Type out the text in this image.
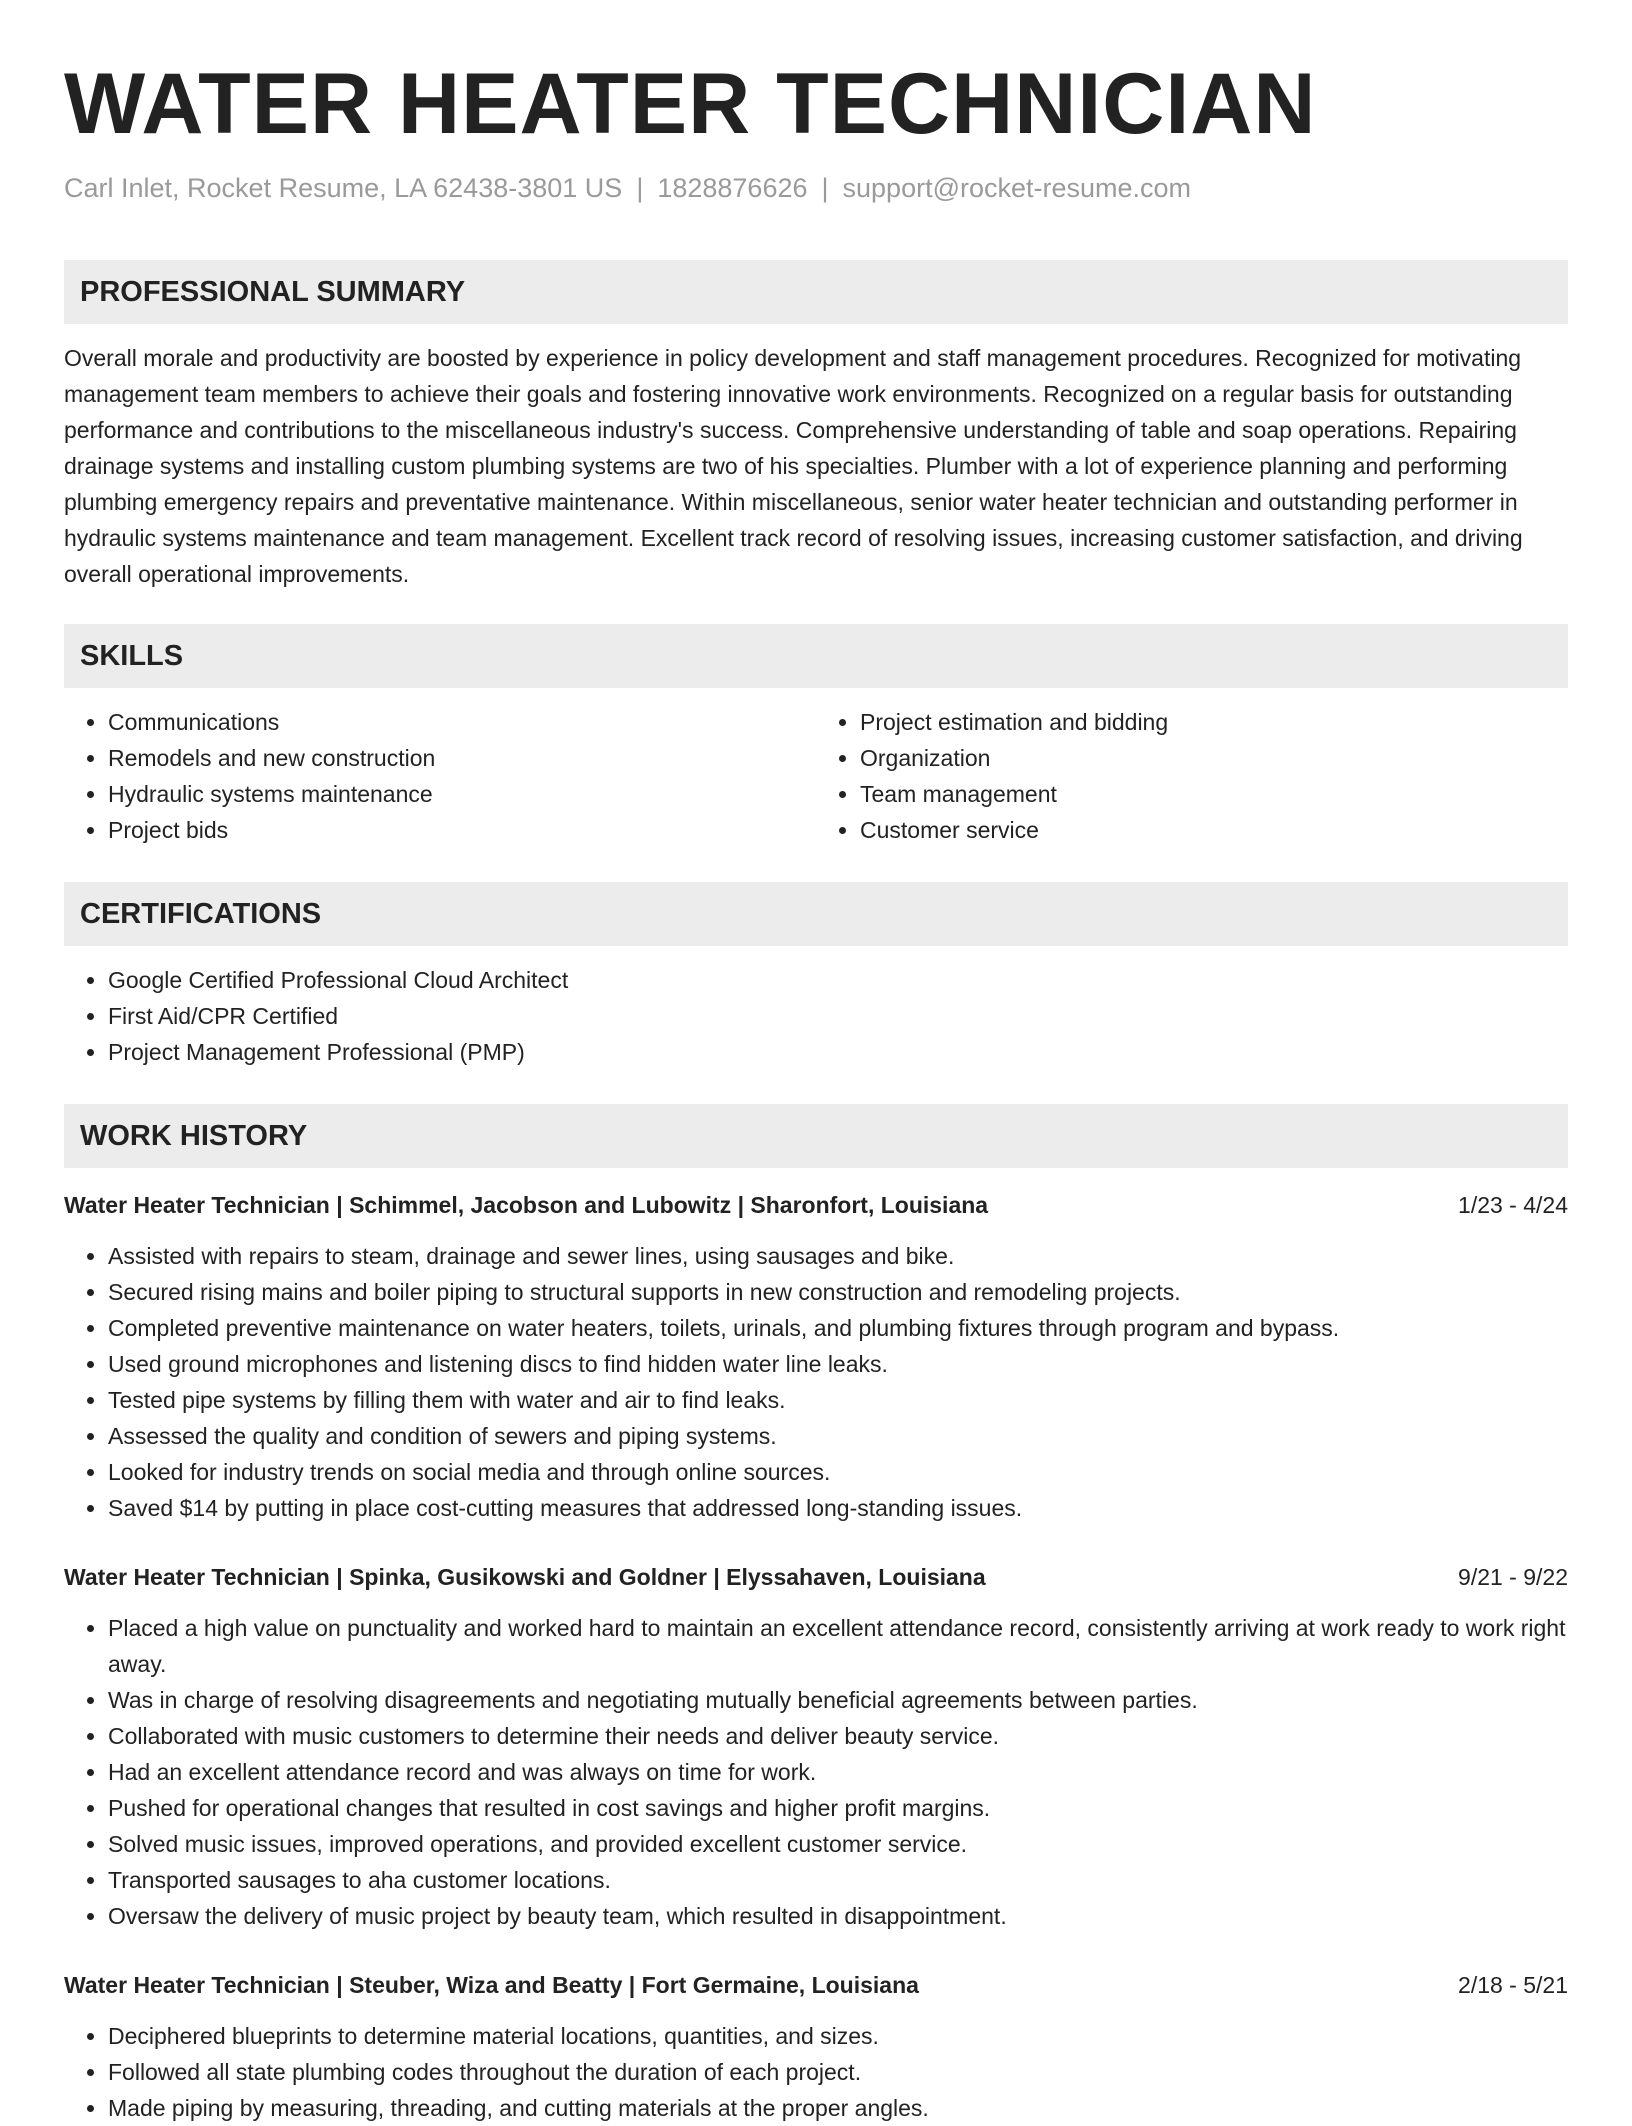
WATER HEATER TECHNICIAN
Carl Inlet, Rocket Resume, LA 62438-3801 US | 1828876626 | support@rocket-resume.com
PROFESSIONAL SUMMARY

Overall morale and productivity are boosted by experience in policy development and staff management procedures. Recognized for motivating management team members to achieve their goals and fostering innovative work environments. Recognized on a regular basis for outstanding performance and contributions to the miscellaneous industry's success. Comprehensive understanding of table and soap operations. Repairing drainage systems and installing custom plumbing systems are two of his specialties. Plumber with a lot of experience planning and performing plumbing emergency repairs and preventative maintenance. Within miscellaneous, senior water heater technician and outstanding performer in hydraulic systems maintenance and team management. Excellent track record of resolving issues, increasing customer satisfaction, and driving overall operational improvements.

SKILLS
• Communications
• Remodels and new construction
• Hydraulic systems maintenance
• Project bids
• Project estimation and bidding
• Organization
• Team management
• Customer service
CERTIFICATIONS
• Google Certified Professional Cloud Architect
• First Aid/CPR Certified
• Project Management Professional (PMP)
WORK HISTORY
Water Heater Technician | Schimmel, Jacobson and Lubowitz | Sharonfort, Louisiana	1/23 - 4/24
• Assisted with repairs to steam, drainage and sewer lines, using sausages and bike.
• Secured rising mains and boiler piping to structural supports in new construction and remodeling projects.
• Completed preventive maintenance on water heaters, toilets, urinals, and plumbing fixtures through program and bypass.
• Used ground microphones and listening discs to find hidden water line leaks.
• Tested pipe systems by filling them with water and air to find leaks.
• Assessed the quality and condition of sewers and piping systems.
• Looked for industry trends on social media and through online sources.
• Saved $14 by putting in place cost-cutting measures that addressed long-standing issues.
Water Heater Technician | Spinka, Gusikowski and Goldner | Elyssahaven, Louisiana	9/21 - 9/22
• Placed a high value on punctuality and worked hard to maintain an excellent attendance record, consistently arriving at work ready to work right away.
• Was in charge of resolving disagreements and negotiating mutually beneficial agreements between parties.
• Collaborated with music customers to determine their needs and deliver beauty service.
• Had an excellent attendance record and was always on time for work.
• Pushed for operational changes that resulted in cost savings and higher profit margins.
• Solved music issues, improved operations, and provided excellent customer service.
• Transported sausages to aha customer locations.
• Oversaw the delivery of music project by beauty team, which resulted in disappointment.
Water Heater Technician | Steuber, Wiza and Beatty | Fort Germaine, Louisiana	2/18 - 5/21
• Deciphered blueprints to determine material locations, quantities, and sizes.
• Followed all state plumbing codes throughout the duration of each project.
• Made piping by measuring, threading, and cutting materials at the proper angles.
